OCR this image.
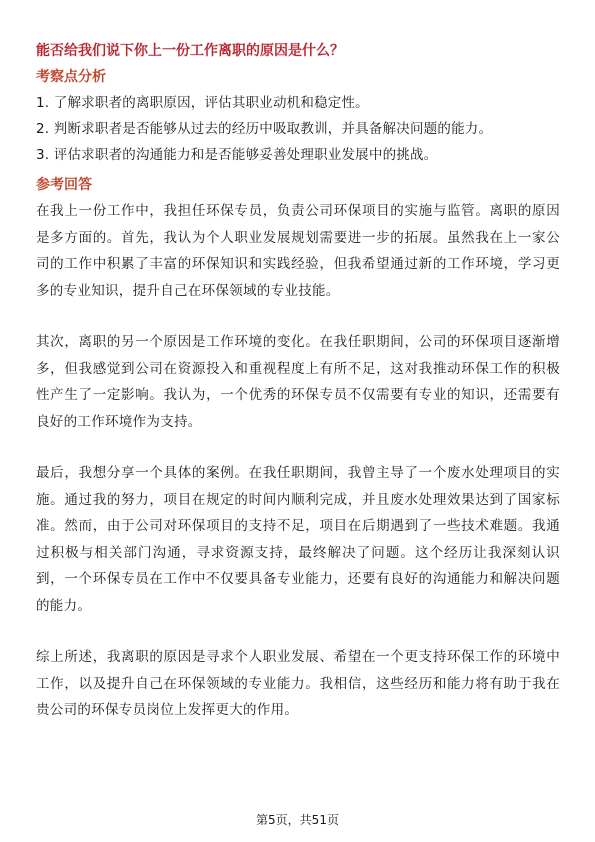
能否给我们说下你上一份工作离职的原因是什么？
考察点分析
1. 了解求职者的离职原因，评估其职业动机和稳定性。
2. 判断求职者是否能够从过去的经历中吸取教训，并具备解决问题的能力。
3. 评估求职者的沟通能力和是否能够妥善处理职业发展中的挑战。
参考回答

在我上一份工作中，我担任环保专员，负责公司环保项目的实施与监管。离职的原因是多方面的。首先，我认为个人职业发展规划需要进一步的拓展。虽然我在上一家公司的工作中积累了丰富的环保知识和实践经验，但我希望通过新的工作环境，学习更多的专业知识，提升自己在环保领域的专业技能。

其次，离职的另一个原因是工作环境的变化。在我任职期间，公司的环保项目逐渐增多，但我感觉到公司在资源投入和重视程度上有所不足，这对我推动环保工作的积极性产生了一定影响。我认为，一个优秀的环保专员不仅需要有专业的知识，还需要有良好的工作环境作为支持。

最后，我想分享一个具体的案例。在我任职期间，我曾主导了一个废水处理项目的实施。通过我的努力，项目在规定的时间内顺利完成，并且废水处理效果达到了国家标准。然而，由于公司对环保项目的支持不足，项目在后期遇到了一些技术难题。我通过积极与相关部门沟通，寻求资源支持，最终解决了问题。这个经历让我深刻认识到，一个环保专员在工作中不仅要具备专业能力，还要有良好的沟通能力和解决问题的能力。

综上所述，我离职的原因是寻求个人职业发展、希望在一个更支持环保工作的环境中工作，以及提升自己在环保领域的专业能力。我相信，这些经历和能力将有助于我在贵公司的环保专员岗位上发挥更大的作用。

第5页，共51页
